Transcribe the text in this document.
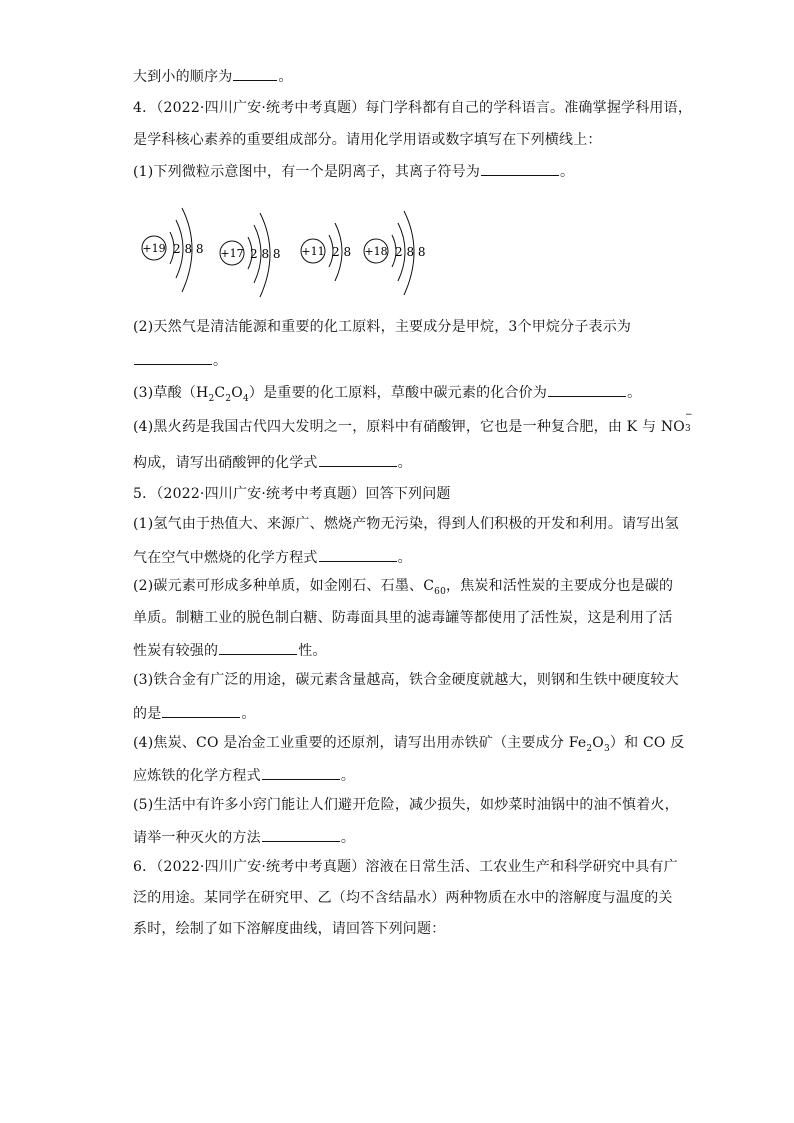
大到小的顺序为	。
4．（2022·四川广安·统考中考真题）每门学科都有自己的学科语言。准确掌握学科用语，
是学科核心素养的重要组成部分。请用化学用语或数字填写在下列横线上：
(1)下列微粒示意图中，有一个是阴离子，其离子符号为	。
+19 2 8 8 +17 2 8 8 +11 2 8 +18 2 8 8
(2)天然气是清洁能源和重要的化工原料，主要成分是甲烷，3个甲烷分子表示为
。
(3)草酸$(H_2C_2O_4)$是重要的化工原料，草酸中碳元素的化合价为	。
(4)黑火药是我国古代四大发明之一，原料中有硝酸钾，它也是一种复合肥，由 K 与 NO
−
3
构成，请写出硝酸钾的化学式	。
5．（2022·四川广安·统考中考真题）回答下列问题
(1)氢气由于热值大、来源广、燃烧产物无污染，得到人们积极的开发和利用。请写出氢
气在空气中燃烧的化学方程式	。
(2)碳元素可形成多种单质，如金刚石、石墨、$C_{60}$，焦炭和活性炭的主要成分也是碳的
单质。制糖工业的脱色制白糖、防毒面具里的滤毒罐等都使用了活性炭，这是利用了活
性炭有较强的	性。
(3)铁合金有广泛的用途，碳元素含量越高，铁合金硬度就越大，则钢和生铁中硬度较大
的是	。
(4)焦炭、CO 是冶金工业重要的还原剂，请写出用赤铁矿（主要成分 $Fe_2O_3$）和 CO 反
应炼铁的化学方程式	。
(5)生活中有许多小窍门能让人们避开危险，减少损失，如炒菜时油锅中的油不慎着火，
请举一种灭火的方法	。
6．（2022·四川广安·统考中考真题）溶液在日常生活、工农业生产和科学研究中具有广
泛的用途。某同学在研究甲、乙（均不含结晶水）两种物质在水中的溶解度与温度的关
系时，绘制了如下溶解度曲线，请回答下列问题：
